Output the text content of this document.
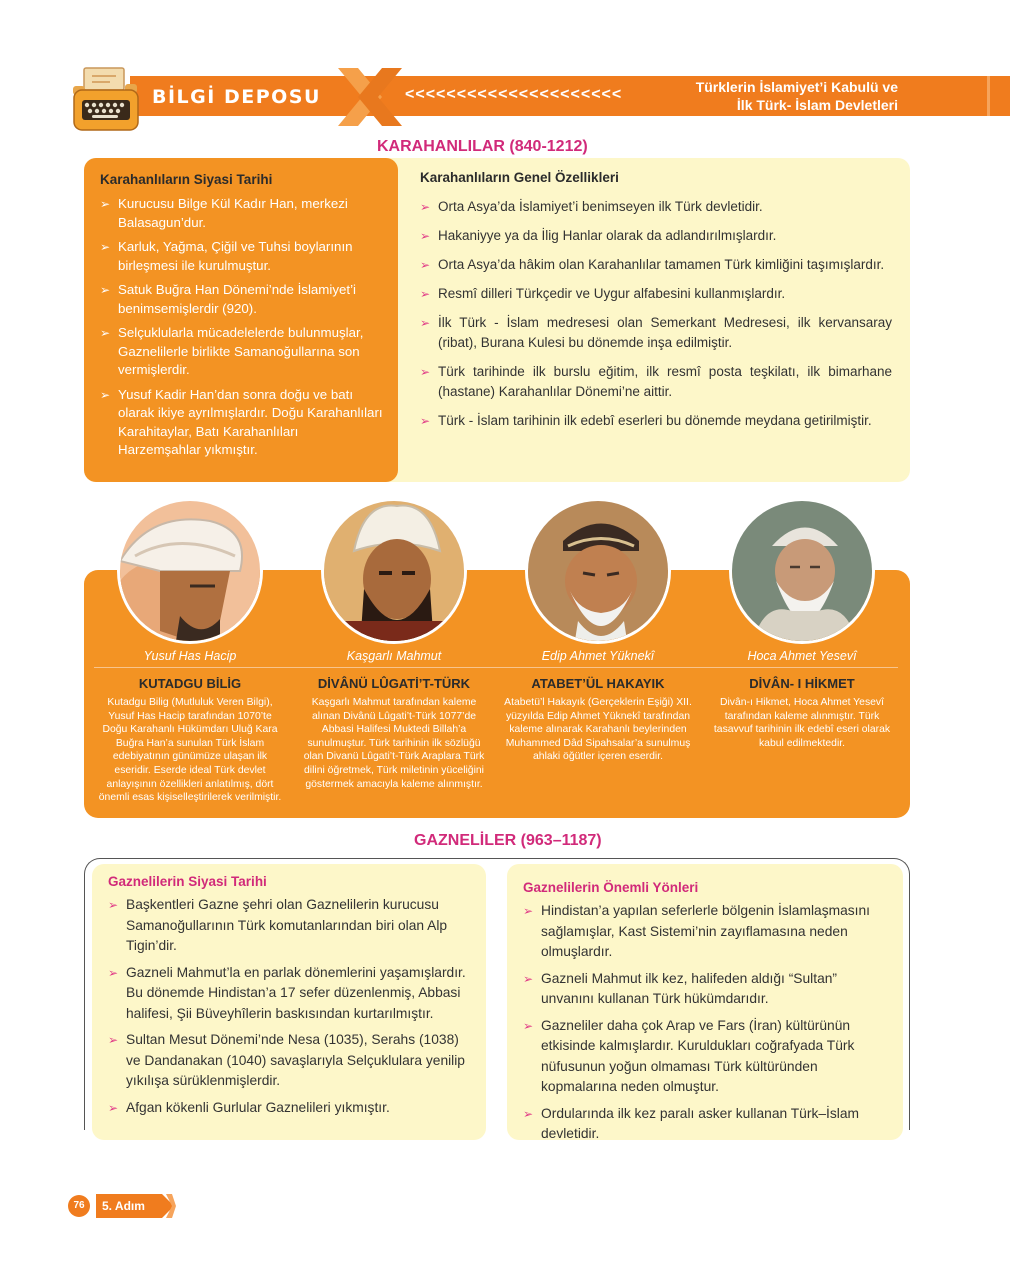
BİLGİ DEPOSU	<<<<<<<<<<<<<<<<<<<<<	Türklerin İslamiyet’i Kabulü ve
İlk Türk- İslam Devletleri
KARAHANLILAR (840-1212)
Karahanlıların Siyasi Tarihi
➢ Kurucusu Bilge Kül Kadır Han, merkezi Balasagun’dur.
➢ Karluk, Yağma, Çiğil ve Tuhsi boylarının birleşmesi ile kurulmuştur.
➢ Satuk Buğra Han Dönemi’nde İslamiyet’i benimsemişlerdir (920).
➢ Selçuklularla mücadelelerde bulunmuşlar, Gaznelilerle birlikte Samanoğullarına son vermişlerdir.
➢ Yusuf Kadir Han’dan sonra doğu ve batı olarak ikiye ayrılmışlardır. Doğu Karahanlıları Karahitaylar, Batı Karahanlıları Harzemşahlar yıkmıştır.
Karahanlıların Genel Özellikleri
➢ Orta Asya’da İslamiyet’i benimseyen ilk Türk devletidir.
➢ Hakaniyye ya da İlig Hanlar olarak da adlandırılmışlardır.
➢ Orta Asya’da hâkim olan Karahanlılar tamamen Türk kimliğini taşımışlardır.
➢ Resmî dilleri Türkçedir ve Uygur alfabesini kullanmışlardır.
➢ İlk Türk - İslam medresesi olan Semerkant Medresesi, ilk kervansaray (ribat), Burana Kulesi bu dönemde inşa edilmiştir.
➢ Türk tarihinde ilk burslu eğitim, ilk resmî posta teşkilatı, ilk bimarhane (hastane) Karahanlılar Dönemi’ne aittir.
➢ Türk - İslam tarihinin ilk edebî eserleri bu dönemde meydana getirilmiştir.
Yusuf Has Hacip	Kaşgarlı Mahmut	Edip Ahmet Yüknekî	Hoca Ahmet Yesevî
KUTADGU BİLİG
Kutadgu Bilig (Mutluluk Veren Bilgi), Yusuf Has Hacip tarafından 1070’te Doğu Karahanlı Hükümdarı Uluğ Kara Buğra Han’a sunulan Türk İslam edebiyatının günümüze ulaşan ilk eseridir. Eserde ideal Türk devlet anlayışının özellikleri anlatılmış, dört önemli esas kişiselleştirilerek verilmiştir.
DİVÂNÜ LÛGATİ’T-TÜRK
Kaşgarlı Mahmut tarafından kaleme alınan Divânü Lûgati’t-Türk 1077’de Abbasi Halifesi Muktedi Billah’a sunulmuştur. Türk tarihinin ilk sözlüğü olan Divanü Lûgati’t-Türk Araplara Türk dilini öğretmek, Türk miletinin yüceliğini göstermek amacıyla kaleme alınmıştır.
ATABET’ÜL HAKAYIK
Atabetü’l Hakayık (Gerçeklerin Eşiği) XII. yüzyılda Edip Ahmet Yüknekî tarafından kaleme alınarak Karahanlı beylerinden Muhammed Dâd Sipahsalar’a sunulmuş ahlaki öğütler içeren eserdir.
DİVÂN- I HİKMET
Divân-ı Hikmet, Hoca Ahmet Yesevî tarafından kaleme alınmıştır. Türk tasavvuf tarihinin ilk edebî eseri olarak kabul edilmektedir.
GAZNELİLER (963–1187)
Gaznelilerin Siyasi Tarihi
➢ Başkentleri Gazne şehri olan Gaznelilerin kurucusu Samanoğullarının Türk komutanlarından biri olan Alp Tigin’dir.
➢ Gazneli Mahmut’la en parlak dönemlerini yaşamışlardır. Bu dönemde Hindistan’a 17 sefer düzenlenmiş, Abbasi halifesi, Şii Büveyhîlerin baskısından kurtarılmıştır.
➢ Sultan Mesut Dönemi’nde Nesa (1035), Serahs (1038) ve Dandanakan (1040) savaşlarıyla Selçuklulara yenilip yıkılışa sürüklenmişlerdir.
➢ Afgan kökenli Gurlular Gaznelileri yıkmıştır.
Gaznelilerin Önemli Yönleri
➢ Hindistan’a yapılan seferlerle bölgenin İslamlaşmasını sağlamışlar, Kast Sistemi’nin zayıflamasına neden olmuşlardır.
➢ Gazneli Mahmut ilk kez, halifeden aldığı “Sultan” unvanını kullanan Türk hükümdarıdır.
➢ Gazneliler daha çok Arap ve Fars (İran) kültürünün etkisinde kalmışlardır. Kuruldukları coğrafyada Türk nüfusunun yoğun olmaması Türk kültüründen kopmalarına neden olmuştur.
➢ Ordularında ilk kez paralı asker kullanan Türk–İslam devletidir.
76	5. Adım
